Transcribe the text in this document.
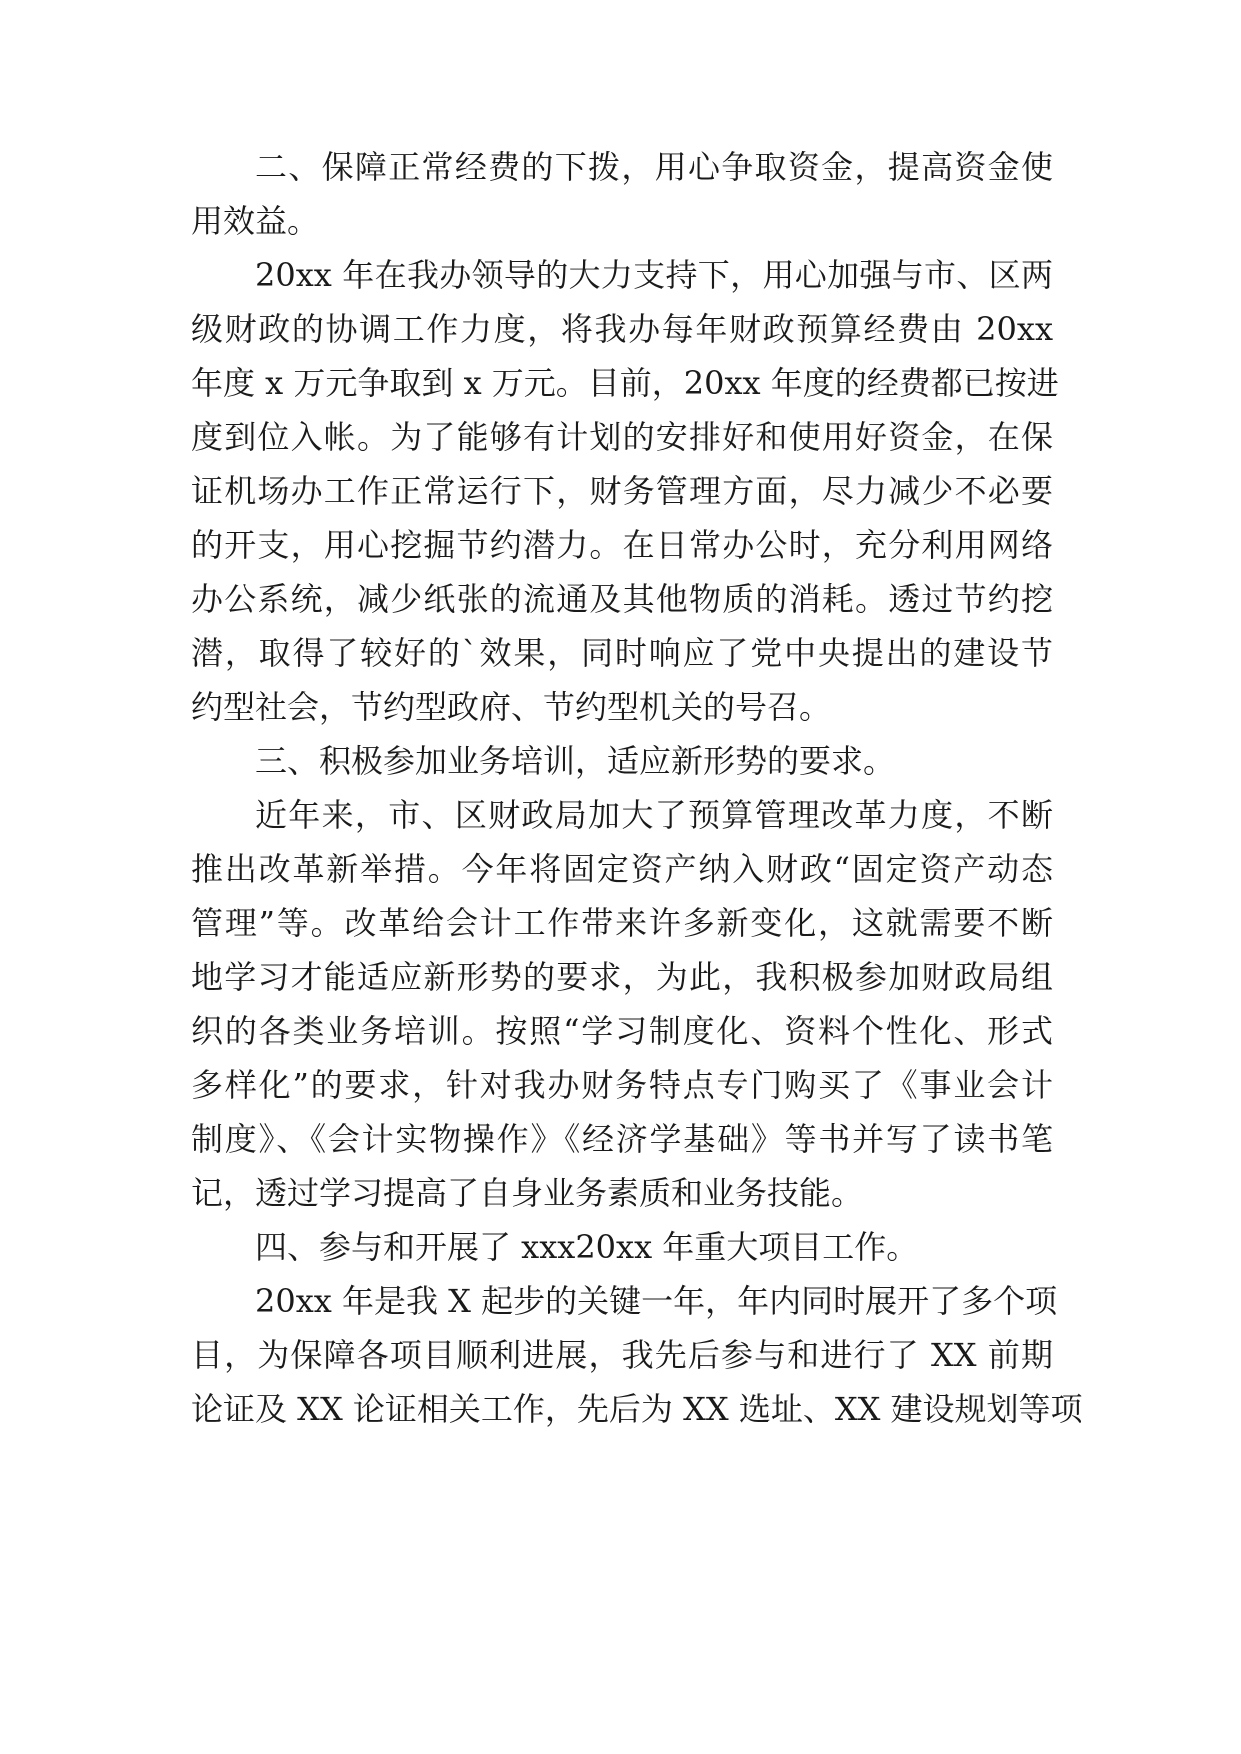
二、保障正常经费的下拨，用心争取资金，提高资金使
用效益。
20xx 年在我办领导的大力支持下，用心加强与市、区两
级财政的协调工作力度，将我办每年财政预算经费由 20xx
年度 x 万元争取到 x 万元。目前，20xx 年度的经费都已按进
度到位入帐。为了能够有计划的安排好和使用好资金，在保
证机场办工作正常运行下，财务管理方面，尽力减少不必要
的开支，用心挖掘节约潜力。在日常办公时，充分利用网络
办公系统，减少纸张的流通及其他物质的消耗。透过节约挖
潜，取得了较好的`效果，同时响应了党中央提出的建设节
约型社会，节约型政府、节约型机关的号召。
三、积极参加业务培训，适应新形势的要求。
近年来，市、区财政局加大了预算管理改革力度，不断
推出改革新举措。今年将固定资产纳入财政“固定资产动态
管理”等。改革给会计工作带来许多新变化，这就需要不断
地学习才能适应新形势的要求，为此，我积极参加财政局组
织的各类业务培训。按照“学习制度化、资料个性化、形式
多样化”的要求，针对我办财务特点专门购买了《事业会计
制度》、《会计实物操作》《经济学基础》等书并写了读书笔
记，透过学习提高了自身业务素质和业务技能。
四、参与和开展了 xxx20xx 年重大项目工作。
20xx 年是我 X 起步的关键一年，年内同时展开了多个项
目，为保障各项目顺利进展，我先后参与和进行了 XX 前期
论证及 XX 论证相关工作，先后为 XX 选址、XX 建设规划等项
